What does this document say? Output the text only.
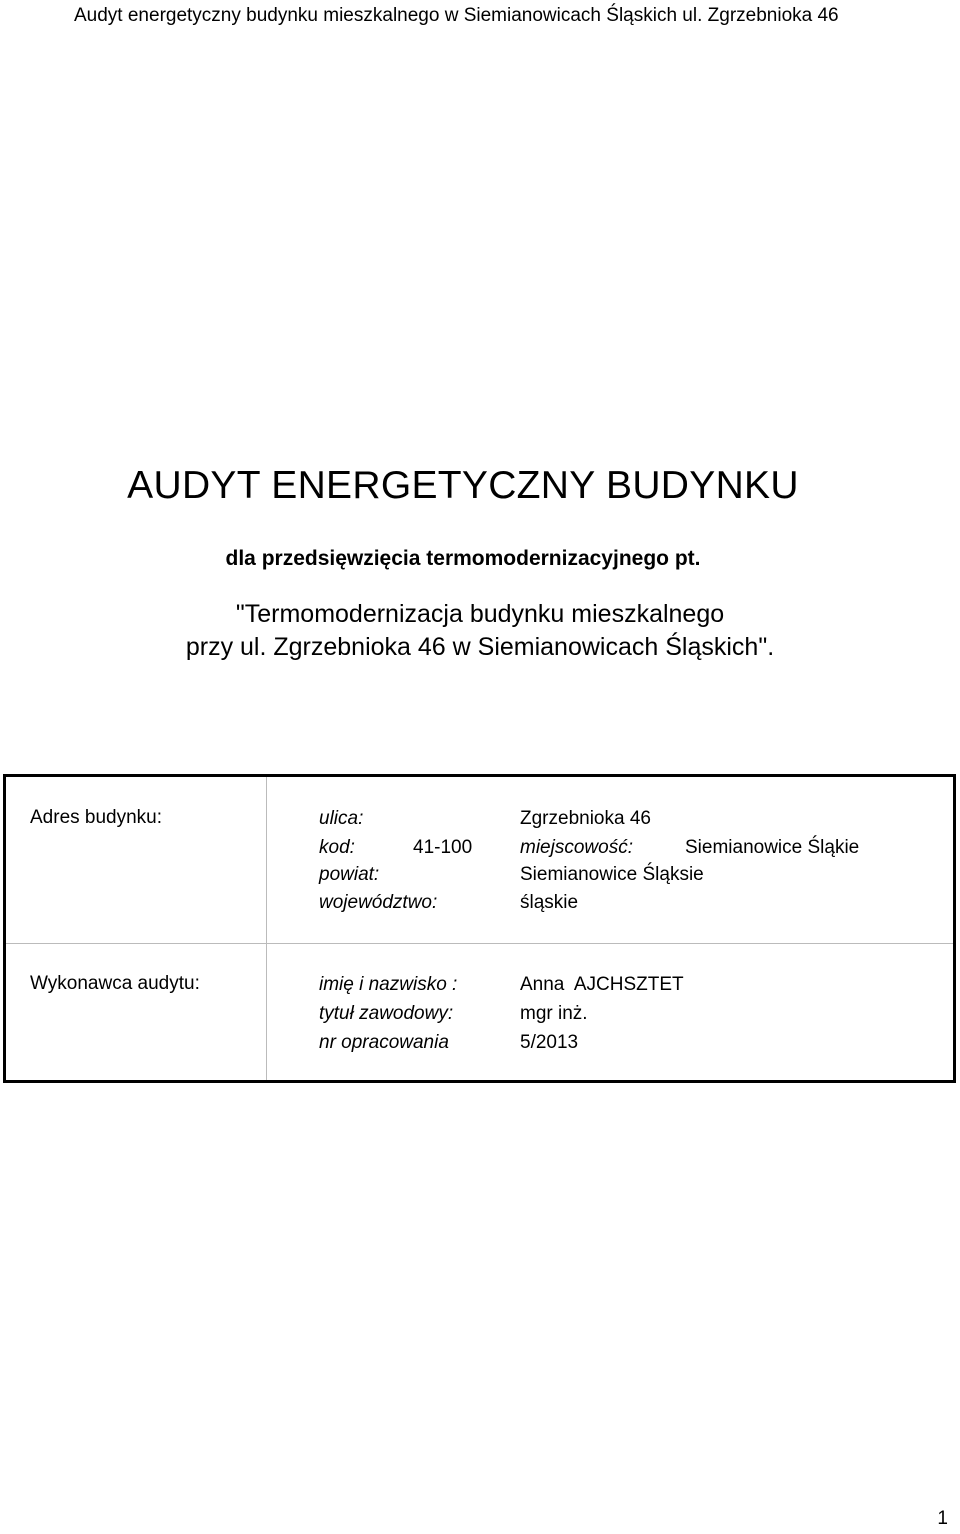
Audyt energetyczny budynku mieszkalnego w Siemianowicach Śląskich ul. Zgrzebnioka 46
AUDYT ENERGETYCZNY BUDYNKU
dla przedsięwzięcia termomodernizacyjnego pt.
"Termomodernizacja budynku mieszkalnego
przy ul. Zgrzebnioka 46 w Siemianowicach Śląskich".
Adres budynku:	ulica:	Zgrzebnioka 46
kod:	41-100	miejscowość:	Siemianowice Śląkie
powiat:	Siemianowice Śląksie
województwo:	śląskie
Wykonawca audytu:	imię i nazwisko :	Anna  AJCHSZTET
tytuł zawodowy:	mgr inż.
nr opracowania	5/2013
1
